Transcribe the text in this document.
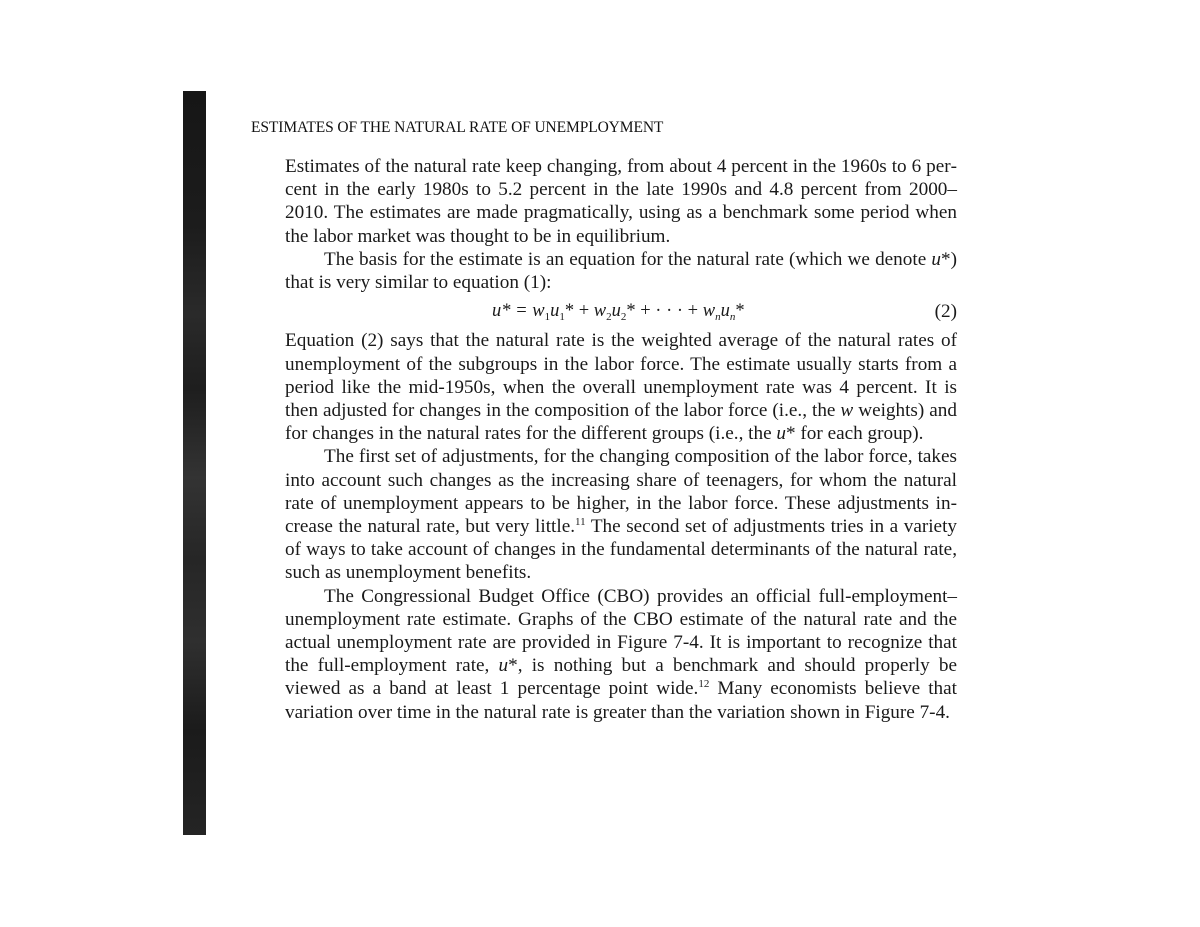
ESTIMATES OF THE NATURAL RATE OF UNEMPLOYMENT

Estimates of the natural rate keep changing, from about 4 percent in the 1960s to 6 percent in the early 1980s to 5.2 percent in the late 1990s and 4.8 percent from 2000–2010. The estimates are made pragmatically, using as a benchmark some period when the labor market was thought to be in equilibrium.

The basis for the estimate is an equation for the natural rate (which we denote u*) that is very similar to equation (1):

$u* = w_1u_1* + w_2u_2*$ + · · · + $w_nu_n*$	(2)

Equation (2) says that the natural rate is the weighted average of the natural rates of unemployment of the subgroups in the labor force. The estimate usually starts from a period like the mid-1950s, when the overall unemployment rate was 4 percent. It is then adjusted for changes in the composition of the labor force (i.e., the w weights) and for changes in the natural rates for the different groups (i.e., the u* for each group).

The first set of adjustments, for the changing composition of the labor force, takes into account such changes as the increasing share of teenagers, for whom the natural rate of unemployment appears to be higher, in the labor force. These adjustments increase the natural rate, but very little.$^{11}$ The second set of adjustments tries in a variety of ways to take account of changes in the fundamental determinants of the natural rate, such as unemployment benefits.

The Congressional Budget Office (CBO) provides an official full-employment–unemployment rate estimate. Graphs of the CBO estimate of the natural rate and the actual unemployment rate are provided in Figure 7-4. It is important to recognize that the full-employment rate, u*, is nothing but a benchmark and should properly be viewed as a band at least 1 percentage point wide.$^{12}$ Many economists believe that variation over time in the natural rate is greater than the variation shown in Figure 7-4.
